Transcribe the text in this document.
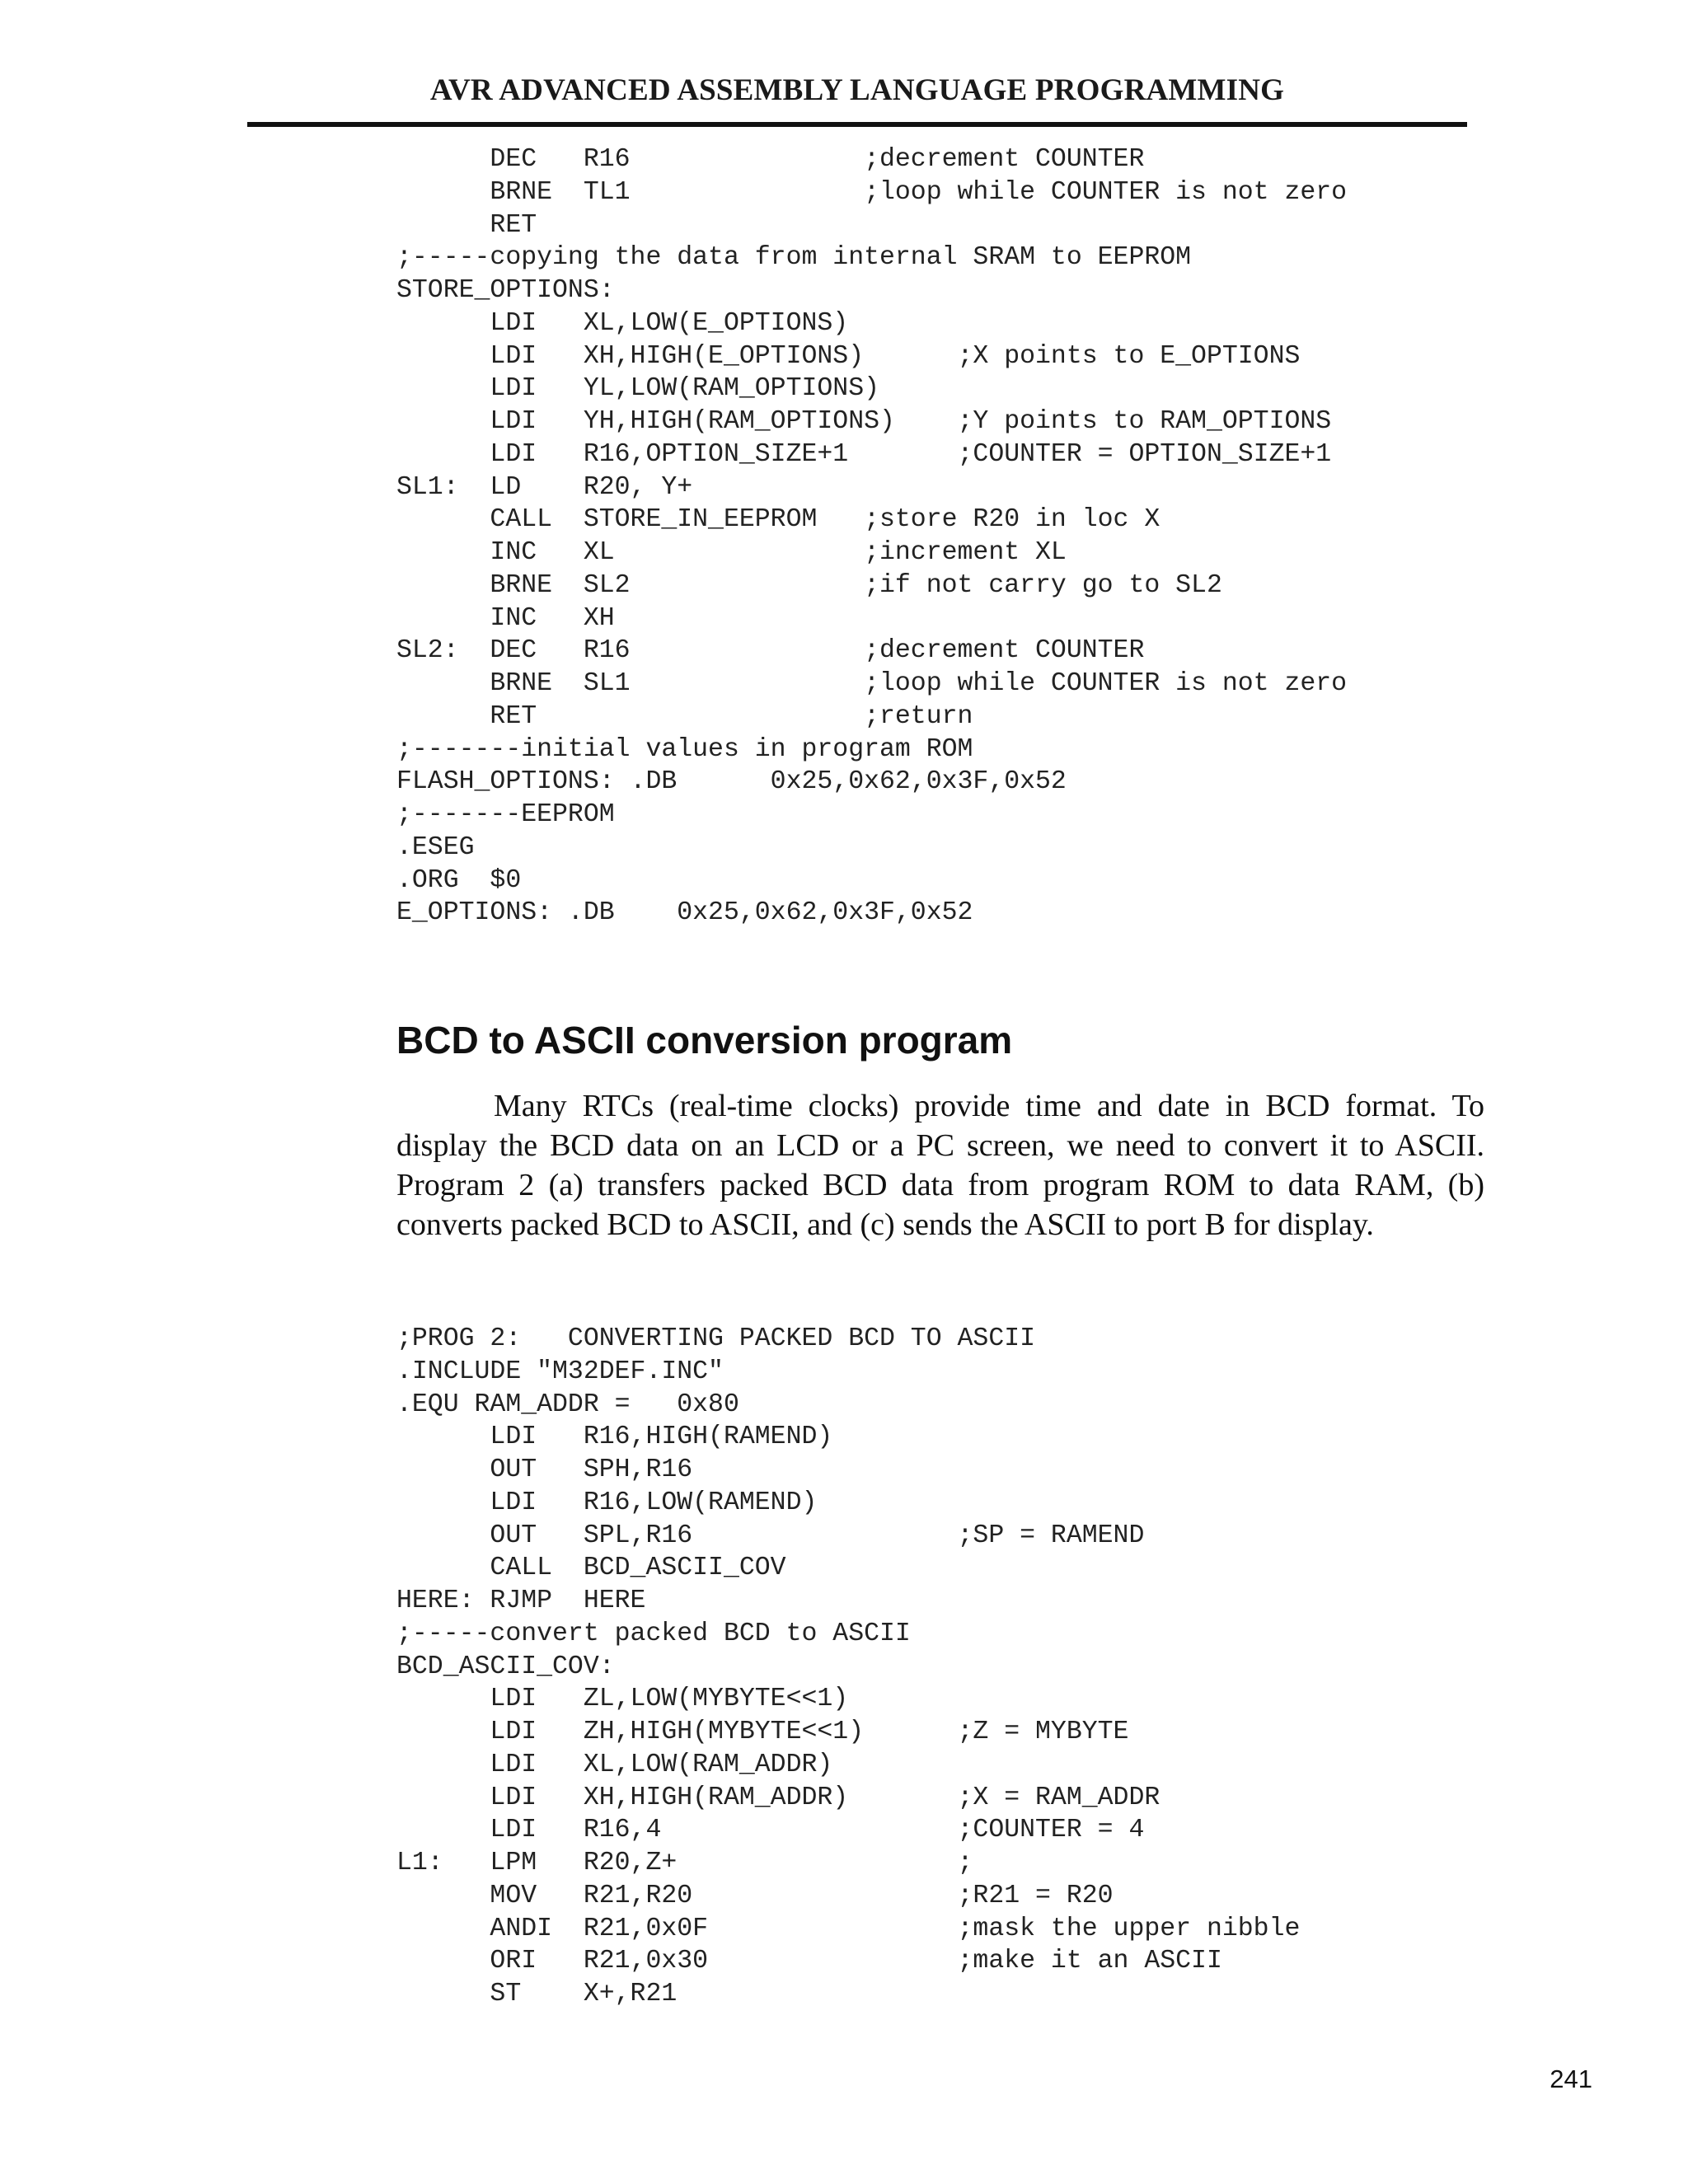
AVR ADVANCED ASSEMBLY LANGUAGE PROGRAMMING
DEC   R16               ;decrement COUNTER
BRNE  TL1               ;loop while COUNTER is not zero
RET
;-----copying the data from internal SRAM to EEPROM
STORE_OPTIONS:
LDI   XL,LOW(E_OPTIONS)
LDI   XH,HIGH(E_OPTIONS)      ;X points to E_OPTIONS
LDI   YL,LOW(RAM_OPTIONS)
LDI   YH,HIGH(RAM_OPTIONS)    ;Y points to RAM_OPTIONS
LDI   R16,OPTION_SIZE+1       ;COUNTER = OPTION_SIZE+1
SL1:  LD    R20, Y+
CALL  STORE_IN_EEPROM   ;store R20 in loc X
INC   XL                ;increment XL
BRNE  SL2               ;if not carry go to SL2
INC   XH
SL2:  DEC   R16               ;decrement COUNTER
BRNE  SL1               ;loop while COUNTER is not zero
RET                     ;return
;-------initial values in program ROM
FLASH_OPTIONS: .DB      0x25,0x62,0x3F,0x52
;-------EEPROM
.ESEG
.ORG  $0
E_OPTIONS: .DB    0x25,0x62,0x3F,0x52
BCD to ASCII conversion program
Many RTCs (real-time clocks) provide time and date in BCD format. To display the BCD data on an LCD or a PC screen, we need to convert it to ASCII. Program 2 (a) transfers packed BCD data from program ROM to data RAM, (b) converts packed BCD to ASCII, and (c) sends the ASCII to port B for display.
;PROG 2:   CONVERTING PACKED BCD TO ASCII
.INCLUDE "M32DEF.INC"
.EQU RAM_ADDR =   0x80
LDI   R16,HIGH(RAMEND)
OUT   SPH,R16
LDI   R16,LOW(RAMEND)
OUT   SPL,R16                 ;SP = RAMEND
CALL  BCD_ASCII_COV
HERE: RJMP  HERE
;-----convert packed BCD to ASCII
BCD_ASCII_COV:
LDI   ZL,LOW(MYBYTE<<1)
LDI   ZH,HIGH(MYBYTE<<1)      ;Z = MYBYTE
LDI   XL,LOW(RAM_ADDR)
LDI   XH,HIGH(RAM_ADDR)       ;X = RAM_ADDR
LDI   R16,4                   ;COUNTER = 4
L1:   LPM   R20,Z+                  ;
MOV   R21,R20                 ;R21 = R20
ANDI  R21,0x0F                ;mask the upper nibble
ORI   R21,0x30                ;make it an ASCII
ST    X+,R21
241
